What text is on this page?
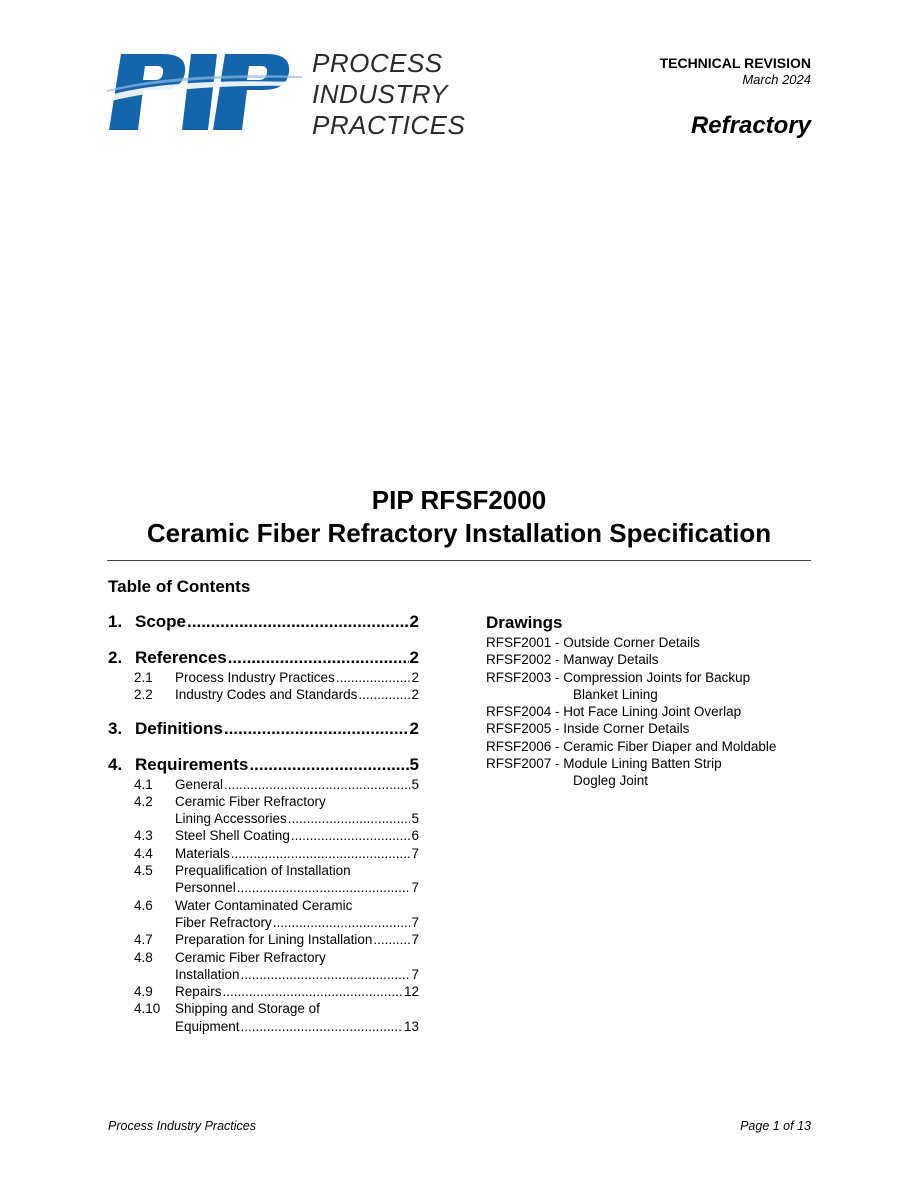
PROCESS
INDUSTRY
PRACTICES
TECHNICAL REVISION
March 2024
Refractory
PIP RFSF2000
Ceramic Fiber Refractory Installation Specification
Table of Contents
1. Scope .....	2
2. References .....	2
2.1	Process Industry Practices .....	2
2.2	Industry Codes and Standards .....	2
3. Definitions .....	2
4. Requirements .....	5
4.1	General .....	5
4.2	Ceramic Fiber Refractory
Lining Accessories .....	5
4.3	Steel Shell Coating .....	6
4.4	Materials .....	7
4.5	Prequalification of Installation
Personnel .....	7
4.6	Water Contaminated Ceramic
Fiber Refractory .....	7
4.7	Preparation for Lining Installation .....	7
4.8	Ceramic Fiber Refractory
Installation .....	7
4.9	Repairs .....	12
4.10	Shipping and Storage of
Equipment .....	13
Drawings
RFSF2001 - Outside Corner Details
RFSF2002 - Manway Details
RFSF2003 - Compression Joints for Backup
Blanket Lining
RFSF2004 - Hot Face Lining Joint Overlap
RFSF2005 - Inside Corner Details
RFSF2006 - Ceramic Fiber Diaper and Moldable
RFSF2007 - Module Lining Batten Strip
Dogleg Joint
Process Industry Practices	Page 1 of 13
